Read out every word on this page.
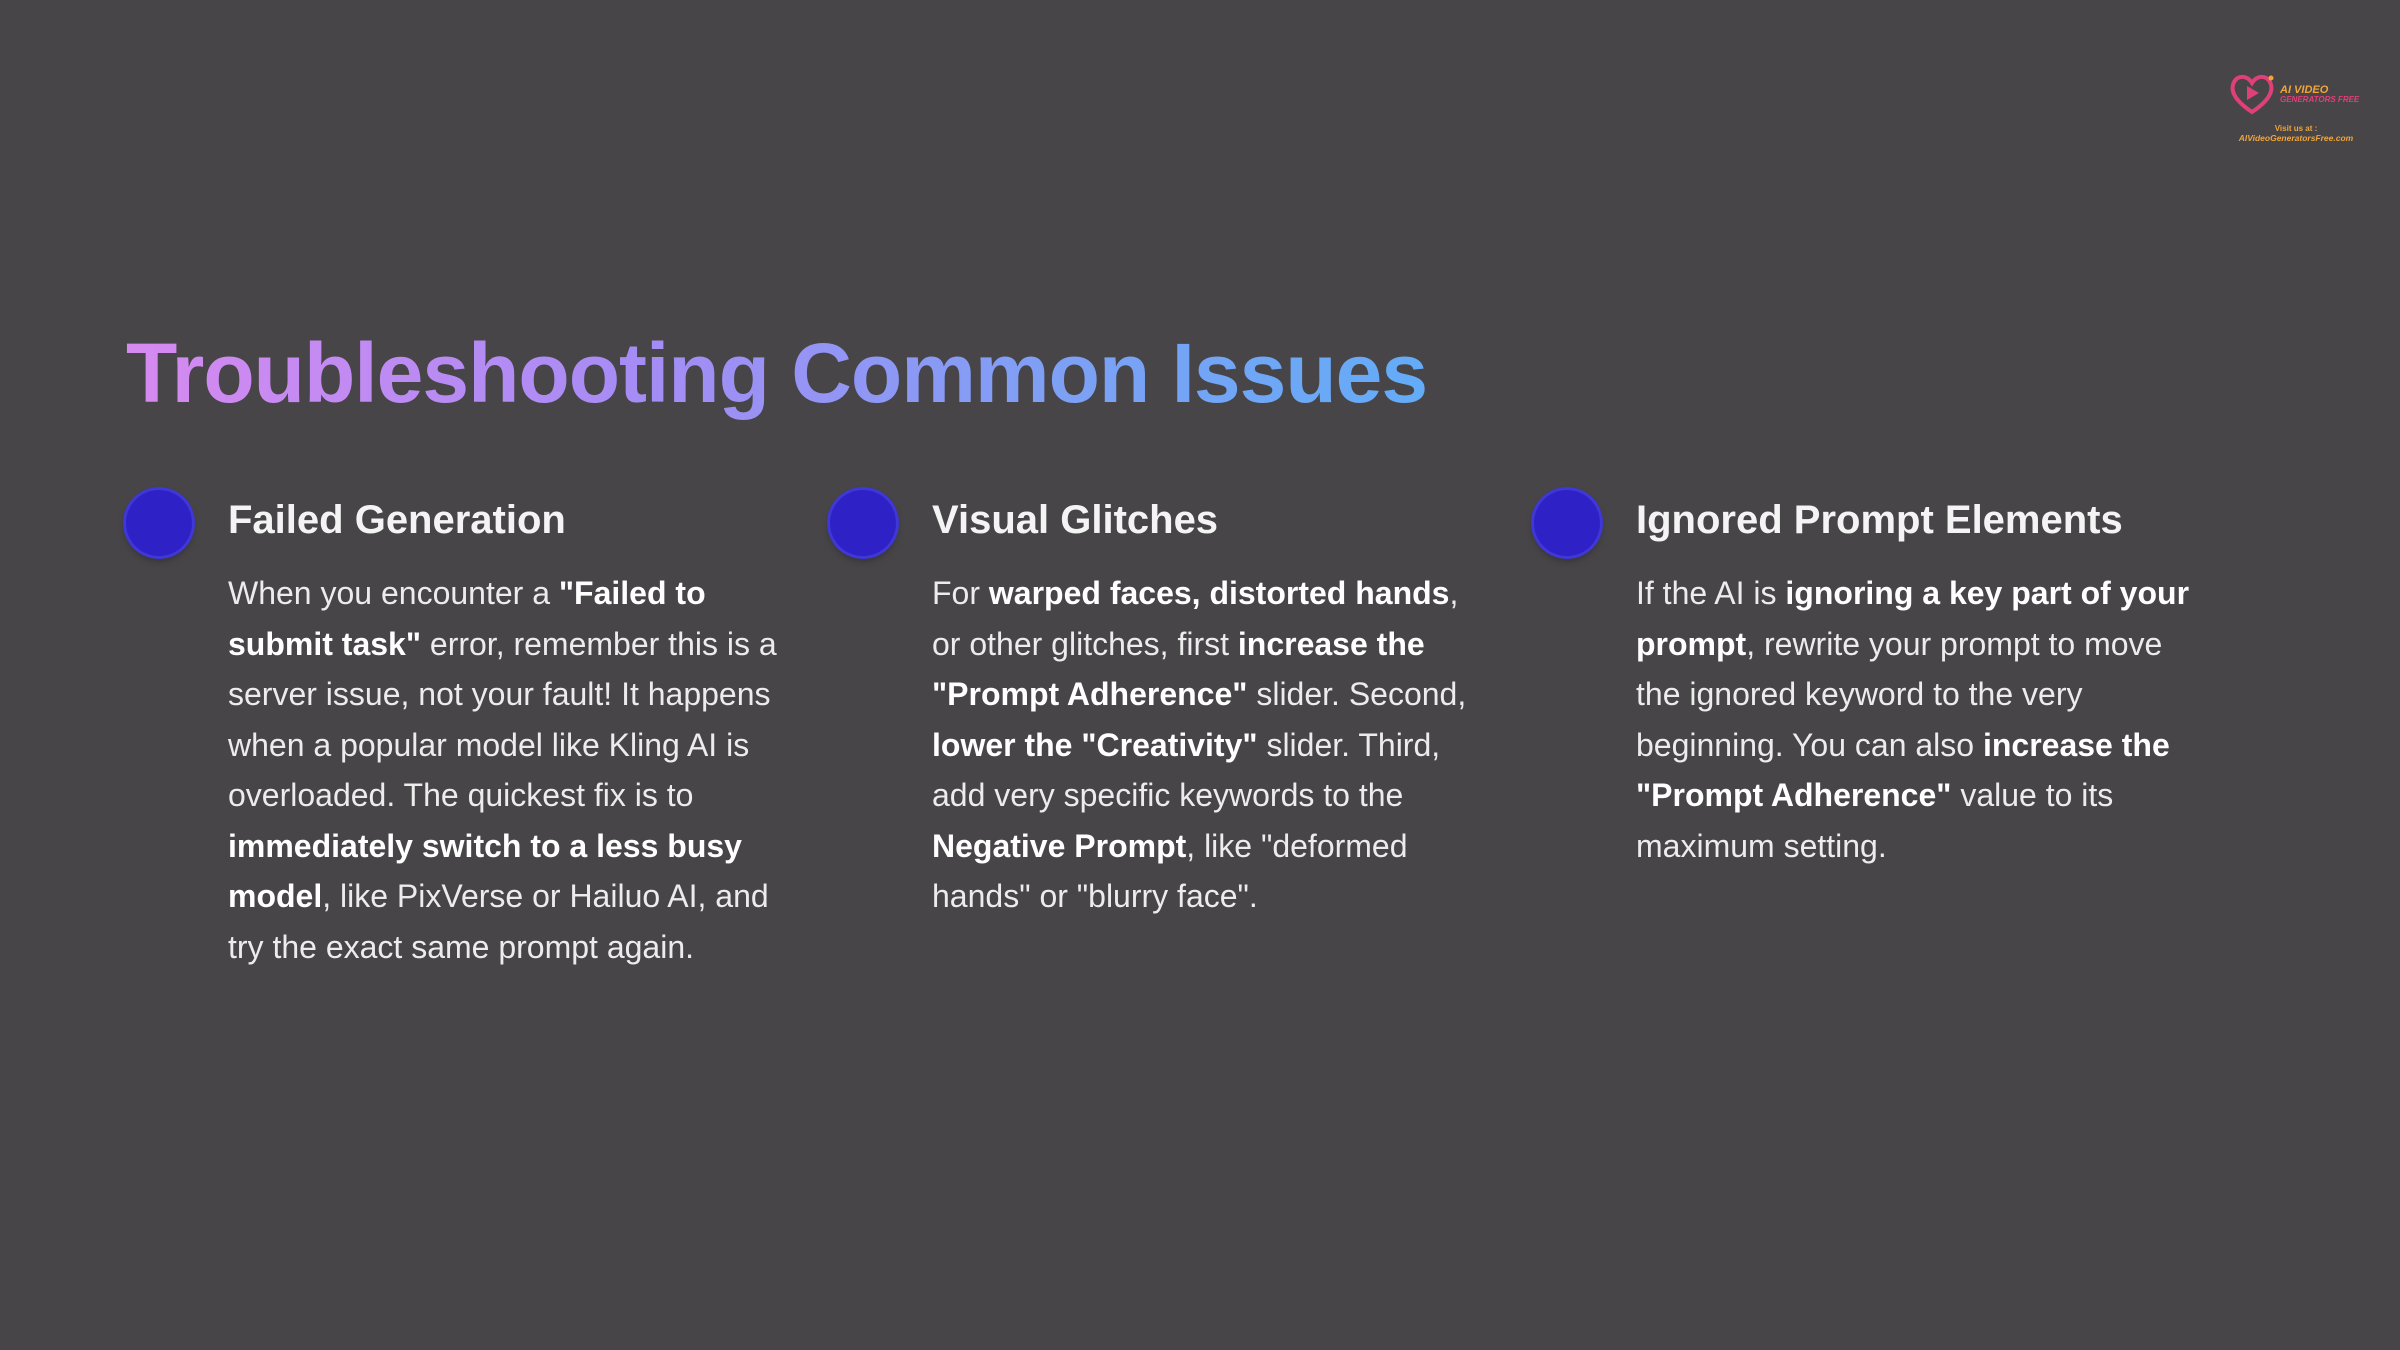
AI VIDEO
GENERATORS FREE
Visit us at :
AIVideoGeneratorsFree.com
Troubleshooting Common Issues
Failed Generation

When you encounter a "Failed to submit task" error, remember this is a server issue, not your fault! It happens when a popular model like Kling AI is overloaded. The quickest fix is to immediately switch to a less busy model, like PixVerse or Hailuo AI, and try the exact same prompt again.

Visual Glitches

For warped faces, distorted hands, or other glitches, first increase the "Prompt Adherence" slider. Second, lower the "Creativity" slider. Third, add very specific keywords to the Negative Prompt, like "deformed hands" or "blurry face".

Ignored Prompt Elements

If the AI is ignoring a key part of your prompt, rewrite your prompt to move the ignored keyword to the very beginning. You can also increase the "Prompt Adherence" value to its maximum setting.
